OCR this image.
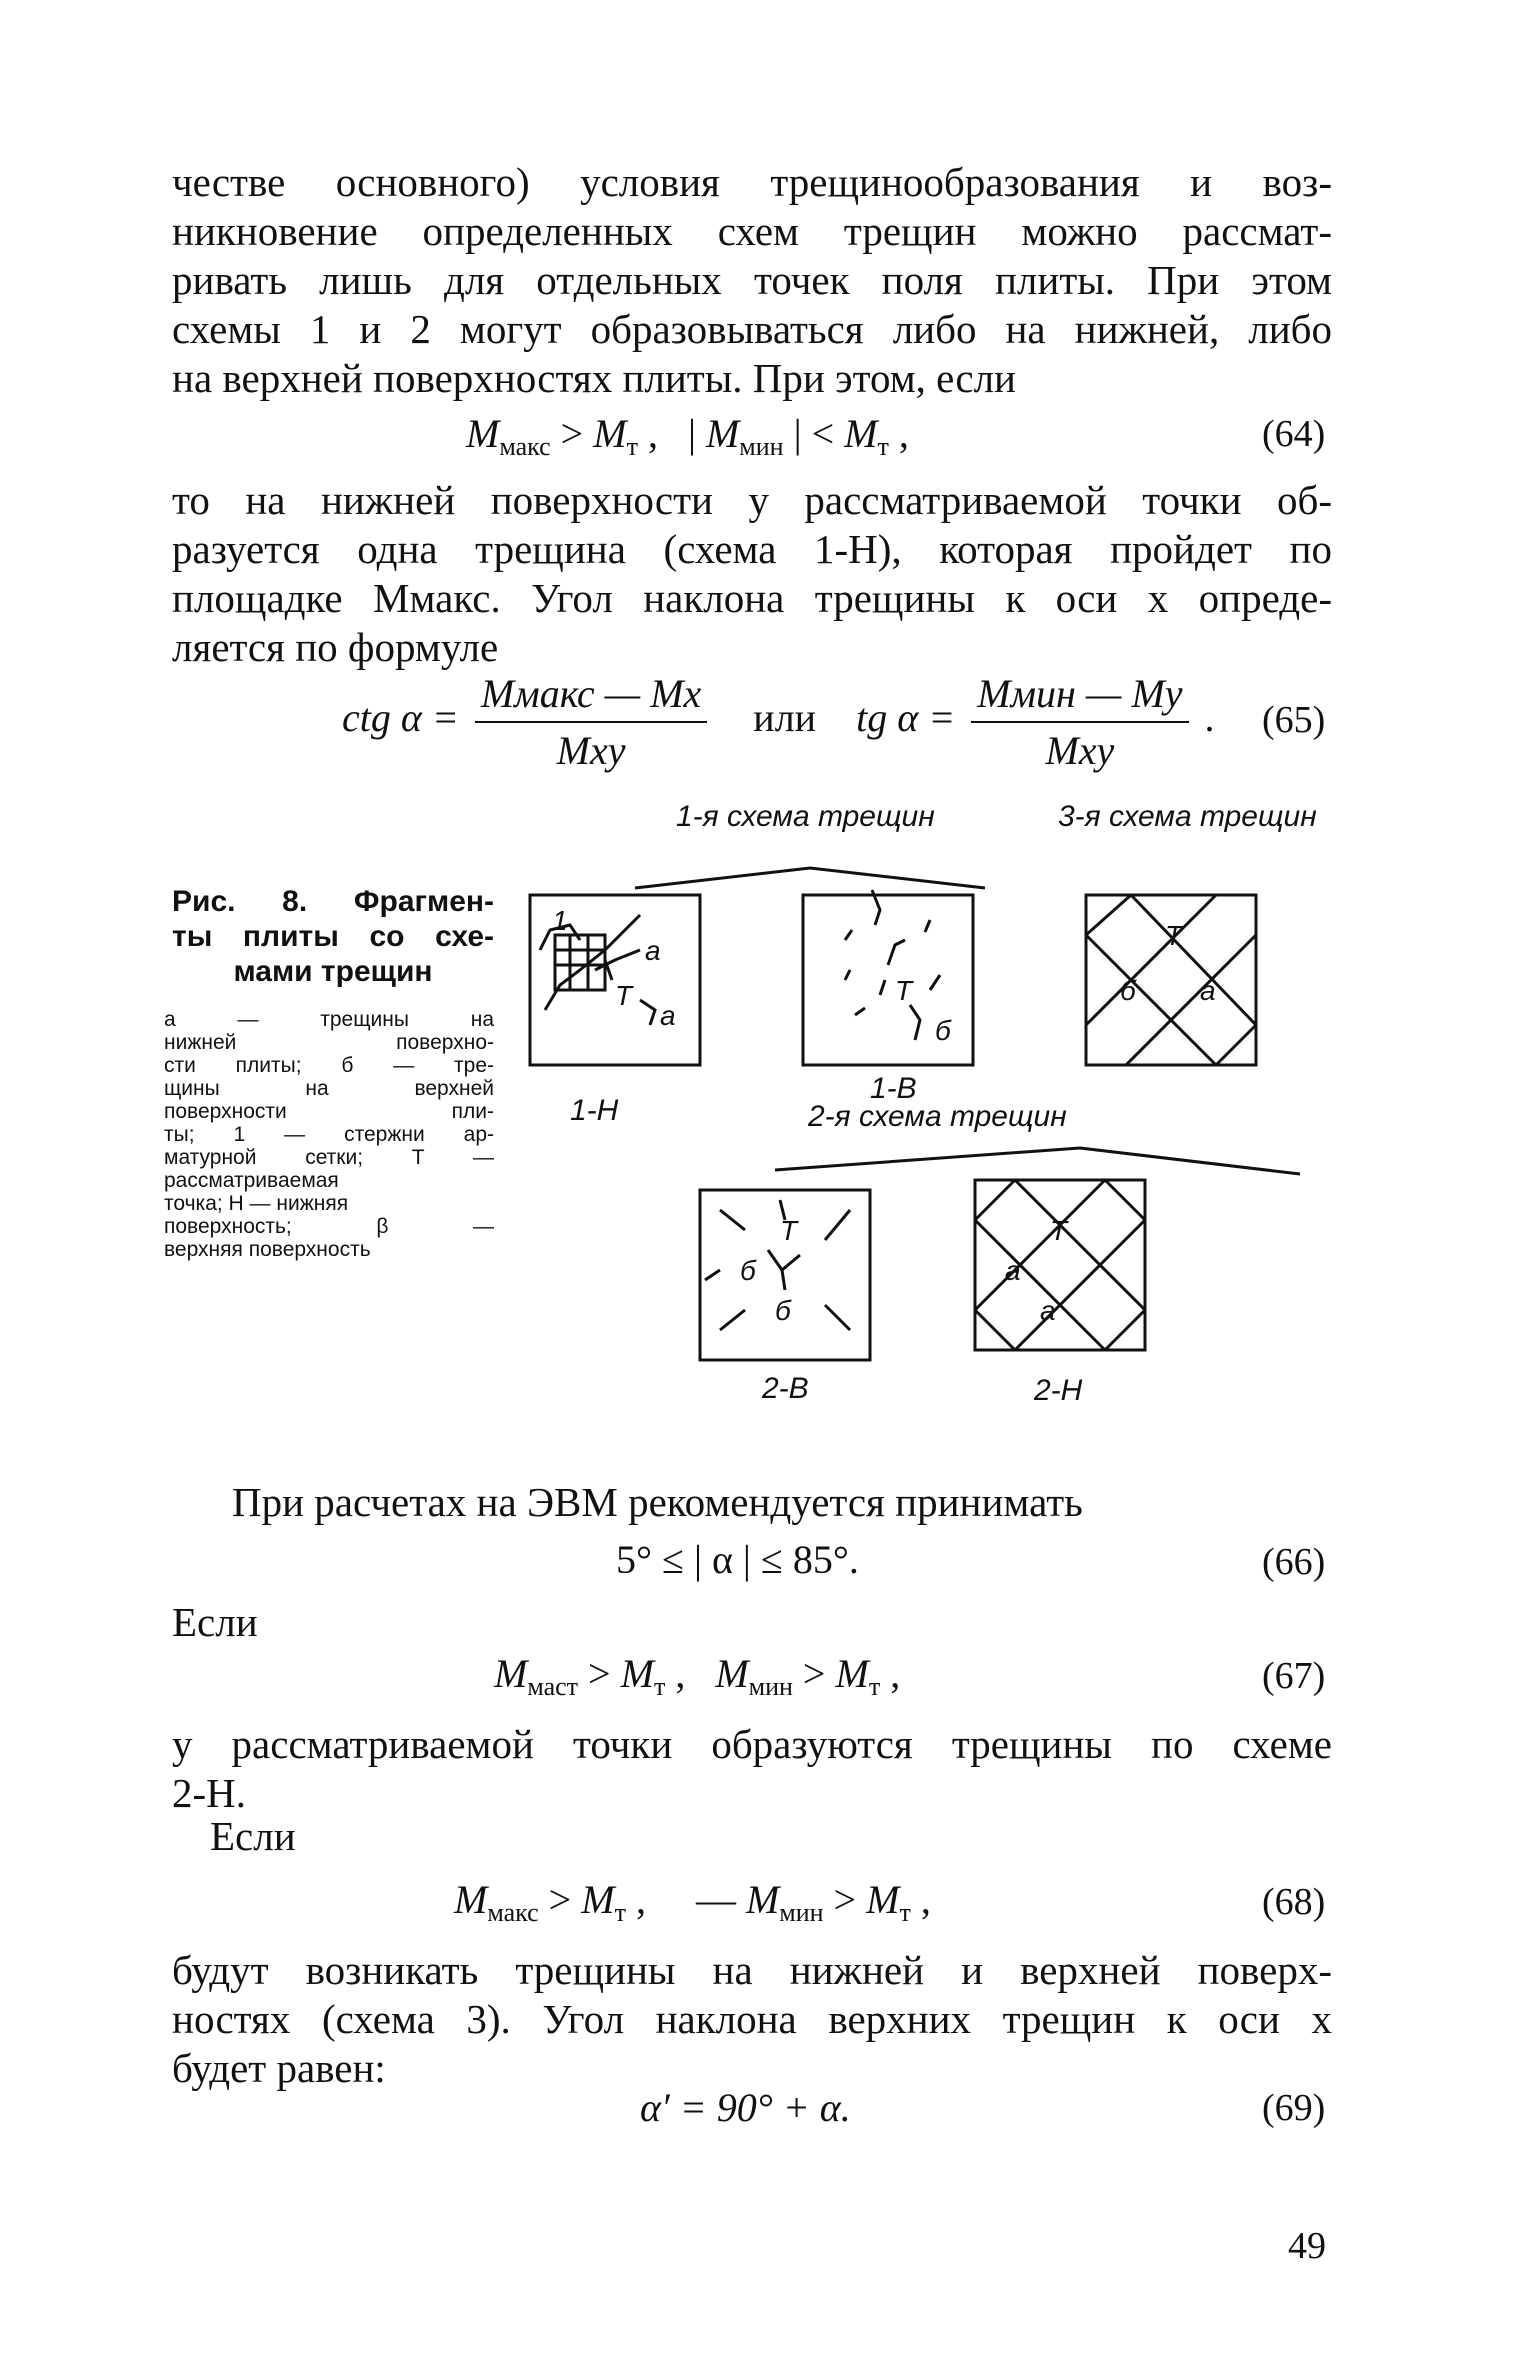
честве основного) условия трещинообразования и воз-
никновение определенных схем трещин можно рассмат-
ривать лишь для отдельных точек поля плиты. При этом
схемы 1 и 2 могут образовываться либо на нижней, либо
на верхней поверхностях плиты. При этом, если

$M_{макс} > M_т$ ,   | $M_{мин}$ | < $M_т$ ,	(64)

то на нижней поверхности у рассматриваемой точки об-
разуется одна трещина (схема 1-Н), которая пройдет по
площадке Mмакс. Угол наклона трещины к оси x опреде-
ляется по формуле

ctg $\alpha = \frac{\text{Mмакс — Mx}}{\text{Mxy}}$ или tg $\alpha = \frac{\text{Mмин — My}}{\text{Mxy}}$ . (65)

Рис. 8. Фрагмен-
ты плиты со схе-
мами трещин

а — трещины на
нижней поверхно-
сти плиты; б — тре-
щины на верхней
поверхности пли-
ты; 1 — стержни ар-
матурной сетки; T —
рассматриваемая
точка; H — нижняя
поверхность; β —
верхняя поверхность

1-я схема трещин	3-я схема трещин
2-я схема трещин
1-Н
1-В
2-В	2-Н
а
T
а
1
T
б
T
б а
T
б
б
T
а
а

При расчетах на ЭВМ рекомендуется принимать

5° ≤ | α | ≤ 85°.	(66)
Если
$M_{маст} > M_т$ ,   $M_{мин} > M_т$ ,	(67)

у рассматриваемой точки образуются трещины по схеме
2-Н.

Если
$M_{макс} > M_т$ ,     — $M_{мин} > M_т$ ,	(68)

будут возникать трещины на нижней и верхней поверх-
ностях (схема 3). Угол наклона верхних трещин к оси x
будет равен:

α′ = 90° + α.	(69)
49
